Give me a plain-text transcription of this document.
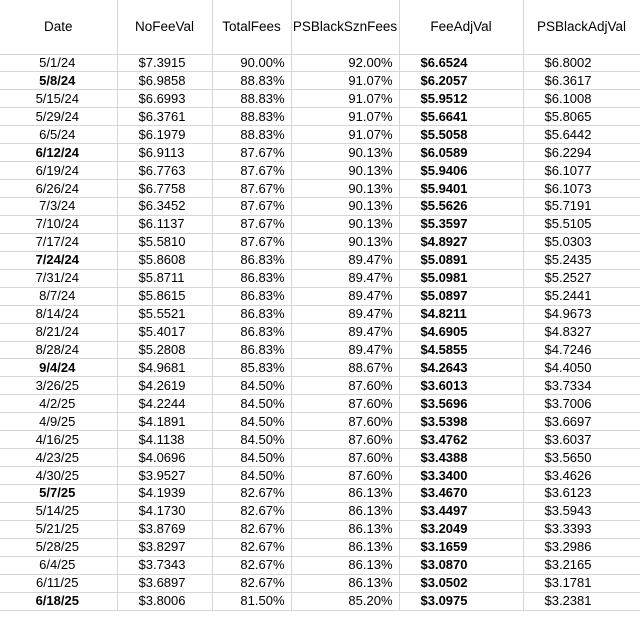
Date	NoFeeVal	TotalFees	PSBlackSznFees	FeeAdjVal	PSBlackAdjVal
5/1/24	$7.3915	90.00%	92.00%	$6.6524	$6.8002
5/8/24	$6.9858	88.83%	91.07%	$6.2057	$6.3617
5/15/24	$6.6993	88.83%	91.07%	$5.9512	$6.1008
5/29/24	$6.3761	88.83%	91.07%	$5.6641	$5.8065
6/5/24	$6.1979	88.83%	91.07%	$5.5058	$5.6442
6/12/24	$6.9113	87.67%	90.13%	$6.0589	$6.2294
6/19/24	$6.7763	87.67%	90.13%	$5.9406	$6.1077
6/26/24	$6.7758	87.67%	90.13%	$5.9401	$6.1073
7/3/24	$6.3452	87.67%	90.13%	$5.5626	$5.7191
7/10/24	$6.1137	87.67%	90.13%	$5.3597	$5.5105
7/17/24	$5.5810	87.67%	90.13%	$4.8927	$5.0303
7/24/24	$5.8608	86.83%	89.47%	$5.0891	$5.2435
7/31/24	$5.8711	86.83%	89.47%	$5.0981	$5.2527
8/7/24	$5.8615	86.83%	89.47%	$5.0897	$5.2441
8/14/24	$5.5521	86.83%	89.47%	$4.8211	$4.9673
8/21/24	$5.4017	86.83%	89.47%	$4.6905	$4.8327
8/28/24	$5.2808	86.83%	89.47%	$4.5855	$4.7246
9/4/24	$4.9681	85.83%	88.67%	$4.2643	$4.4050
3/26/25	$4.2619	84.50%	87.60%	$3.6013	$3.7334
4/2/25	$4.2244	84.50%	87.60%	$3.5696	$3.7006
4/9/25	$4.1891	84.50%	87.60%	$3.5398	$3.6697
4/16/25	$4.1138	84.50%	87.60%	$3.4762	$3.6037
4/23/25	$4.0696	84.50%	87.60%	$3.4388	$3.5650
4/30/25	$3.9527	84.50%	87.60%	$3.3400	$3.4626
5/7/25	$4.1939	82.67%	86.13%	$3.4670	$3.6123
5/14/25	$4.1730	82.67%	86.13%	$3.4497	$3.5943
5/21/25	$3.8769	82.67%	86.13%	$3.2049	$3.3393
5/28/25	$3.8297	82.67%	86.13%	$3.1659	$3.2986
6/4/25	$3.7343	82.67%	86.13%	$3.0870	$3.2165
6/11/25	$3.6897	82.67%	86.13%	$3.0502	$3.1781
6/18/25	$3.8006	81.50%	85.20%	$3.0975	$3.2381
